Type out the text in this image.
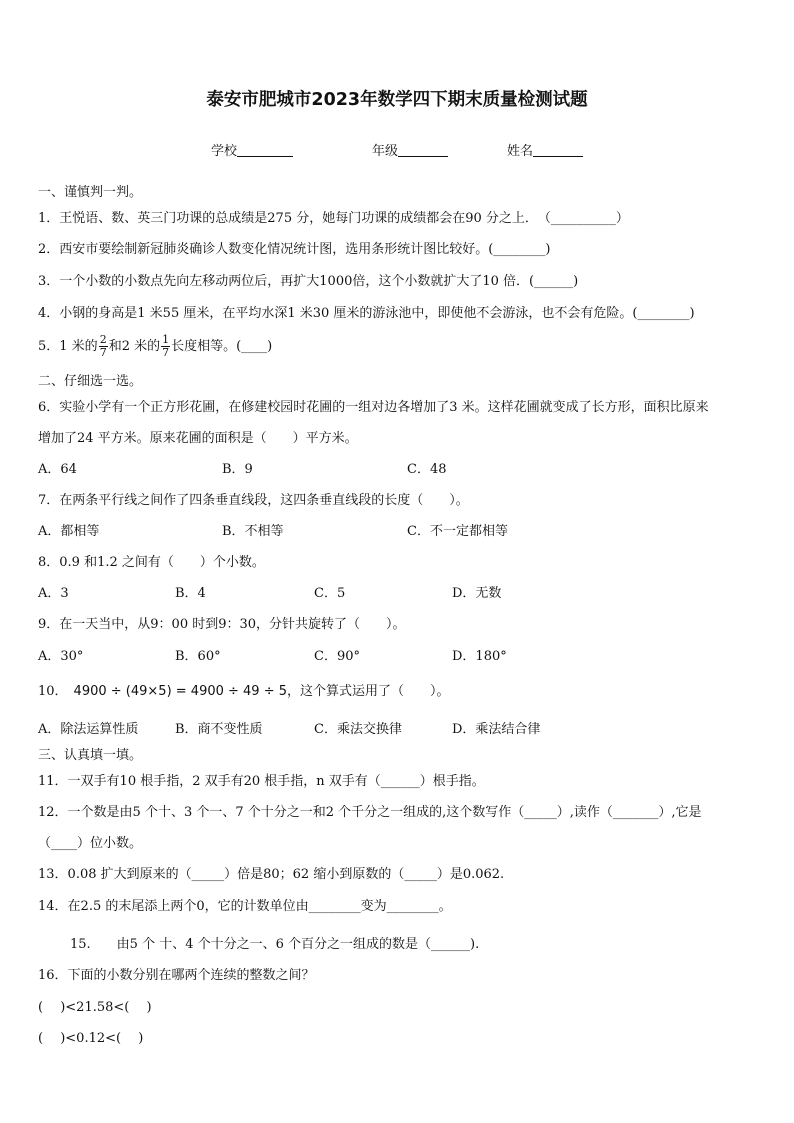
泰安市肥城市2023年数学四下期末质量检测试题
学校	年级	姓名
一、谨慎判一判。
1．王悦语、数、英三门功课的总成绩是275 分，她每门功课的成绩都会在90 分之上．　（__________）
2．西安市要绘制新冠肺炎确诊人数变化情况统计图，选用条形统计图比较好。(________)
3．一个小数的小数点先向左移动两位后，再扩大1000倍，这个小数就扩大了10 倍．(______)
4．小钢的身高是1 米55 厘米，在平均水深1 米30 厘米的游泳池中，即使他不会游泳，也不会有危险。(________)
5．1 米的 $\frac{2}{7}$ 和2 米的 $\frac{1}{7}$ 长度相等。(____)
二、仔细选一选。
6．实验小学有一个正方形花圃，在修建校园时花圃的一组对边各增加了3 米。这样花圃就变成了长方形，面积比原来
增加了24 平方米。原来花圃的面积是（　　）平方米。
A．64	B．9	C．48
7．在两条平行线之间作了四条垂直线段，这四条垂直线段的长度（　　）。
A．都相等	B．不相等	C．不一定都相等
8．0.9 和1.2 之间有（　　）个小数。
A．3	B．4	C．5	D．无数
9．在一天当中，从9：00 时到9：30，分针共旋转了（　　）。
A．30°	B．60°	C．90°	D．180°
10． 4900 ÷ (49×5) = 4900 ÷ 49 ÷ 5，这个算式运用了（　　）。
A．除法运算性质	B．商不变性质	C．乘法交换律	D．乘法结合律
三、认真填一填。
11．一双手有10 根手指，2 双手有20 根手指，n 双手有（______）根手指。
12．一个数是由5 个十、3 个一、7 个十分之一和2 个千分之一组成的,这个数写作（_____）,读作（_______）,它是
（____）位小数。
13．0.08 扩大到原来的（_____）倍是80；62 缩小到原数的（_____）是0.062.
14．在2.5 的末尾添上两个0，它的计数单位由________变为________。
15.　　由5 个 十、4 个十分之一、6 个百分之一组成的数是（______).
16．下面的小数分别在哪两个连续的整数之间？
( 　)<21.58<( 　)
( 　)<0.12<( 　)
